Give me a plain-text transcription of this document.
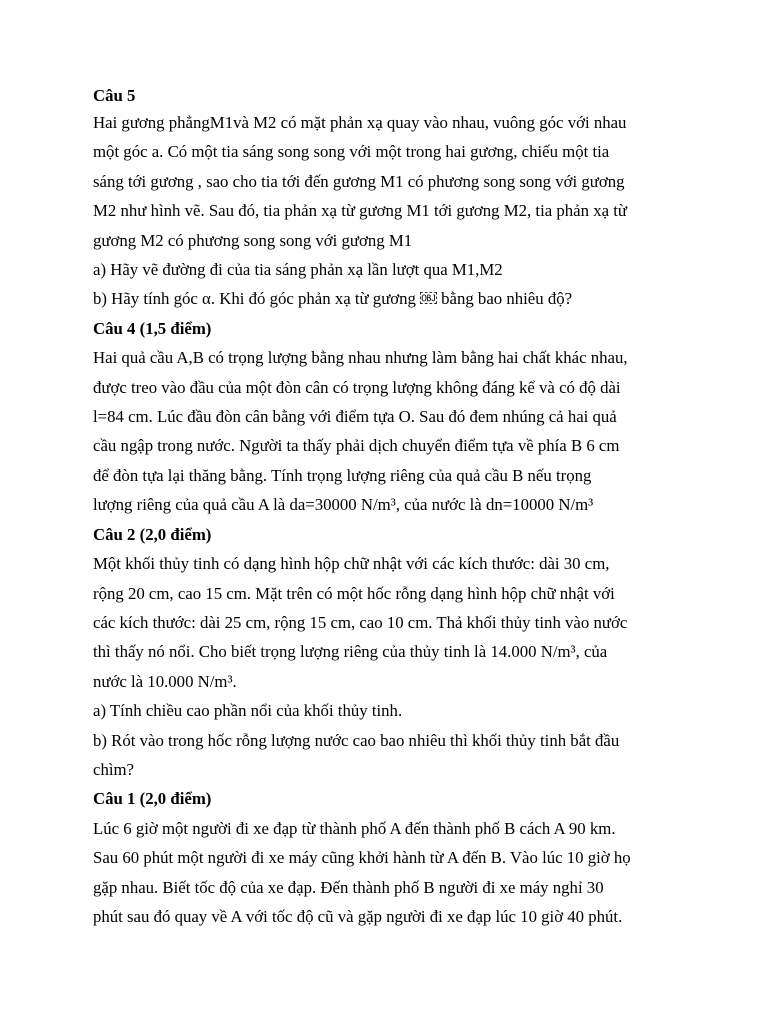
Câu 5

Hai gương phẳngM1và M2 có mặt phản xạ quay vào nhau, vuông góc với nhau

một góc a. Có một tia sáng song song với một trong hai gương, chiếu một tia

sáng tới gương , sao cho tia tới đến gương M1 có phương song song với gương

M2 như hình vẽ. Sau đó, tia phản xạ từ gương M1 tới gương M2, tia phản xạ từ

gương M2 có phương song song với gương M1

a) Hãy vẽ đường đi của tia sáng phản xạ lần lượt qua M1,M2

b) Hãy tính góc α. Khi đó góc phản xạ từ gương ￼ bằng bao nhiêu độ?

Câu 4 (1,5 điểm)

Hai quả cầu A,B có trọng lượng bằng nhau nhưng làm bằng hai chất khác nhau,

được treo vào đầu của một đòn cân có trọng lượng không đáng kể và có độ dài

l=84 cm. Lúc đầu đòn cân bằng với điểm tựa O. Sau đó đem nhúng cả hai quả

cầu ngập trong nước. Người ta thấy phải dịch chuyển điểm tựa về phía B 6 cm

để đòn tựa lại thăng bằng. Tính trọng lượng riêng của quả cầu B nếu trọng

lượng riêng của quả cầu A là da=30000 N/m³, của nước là dn=10000 N/m³

Câu 2 (2,0 điểm)

Một khối thủy tinh có dạng hình hộp chữ nhật với các kích thước: dài 30 cm,

rộng 20 cm, cao 15 cm. Mặt trên có một hốc rỗng dạng hình hộp chữ nhật với

các kích thước: dài 25 cm, rộng 15 cm, cao 10 cm. Thả khối thủy tinh vào nước

thì thấy nó nổi. Cho biết trọng lượng riêng của thủy tinh là 14.000 N/m³, của

nước là 10.000 N/m³.

a) Tính chiều cao phần nổi của khối thủy tinh.

b) Rót vào trong hốc rỗng lượng nước cao bao nhiêu thì khối thủy tinh bắt đầu

chìm?

Câu 1 (2,0 điểm)

Lúc 6 giờ một người đi xe đạp từ thành phố A đến thành phố B cách A 90 km.

Sau 60 phút một người đi xe máy cũng khởi hành từ A đến B. Vào lúc 10 giờ họ

gặp nhau. Biết tốc độ của xe đạp. Đến thành phố B người đi xe máy nghỉ 30

phút sau đó quay về A với tốc độ cũ và gặp người đi xe đạp lúc 10 giờ 40 phút.
